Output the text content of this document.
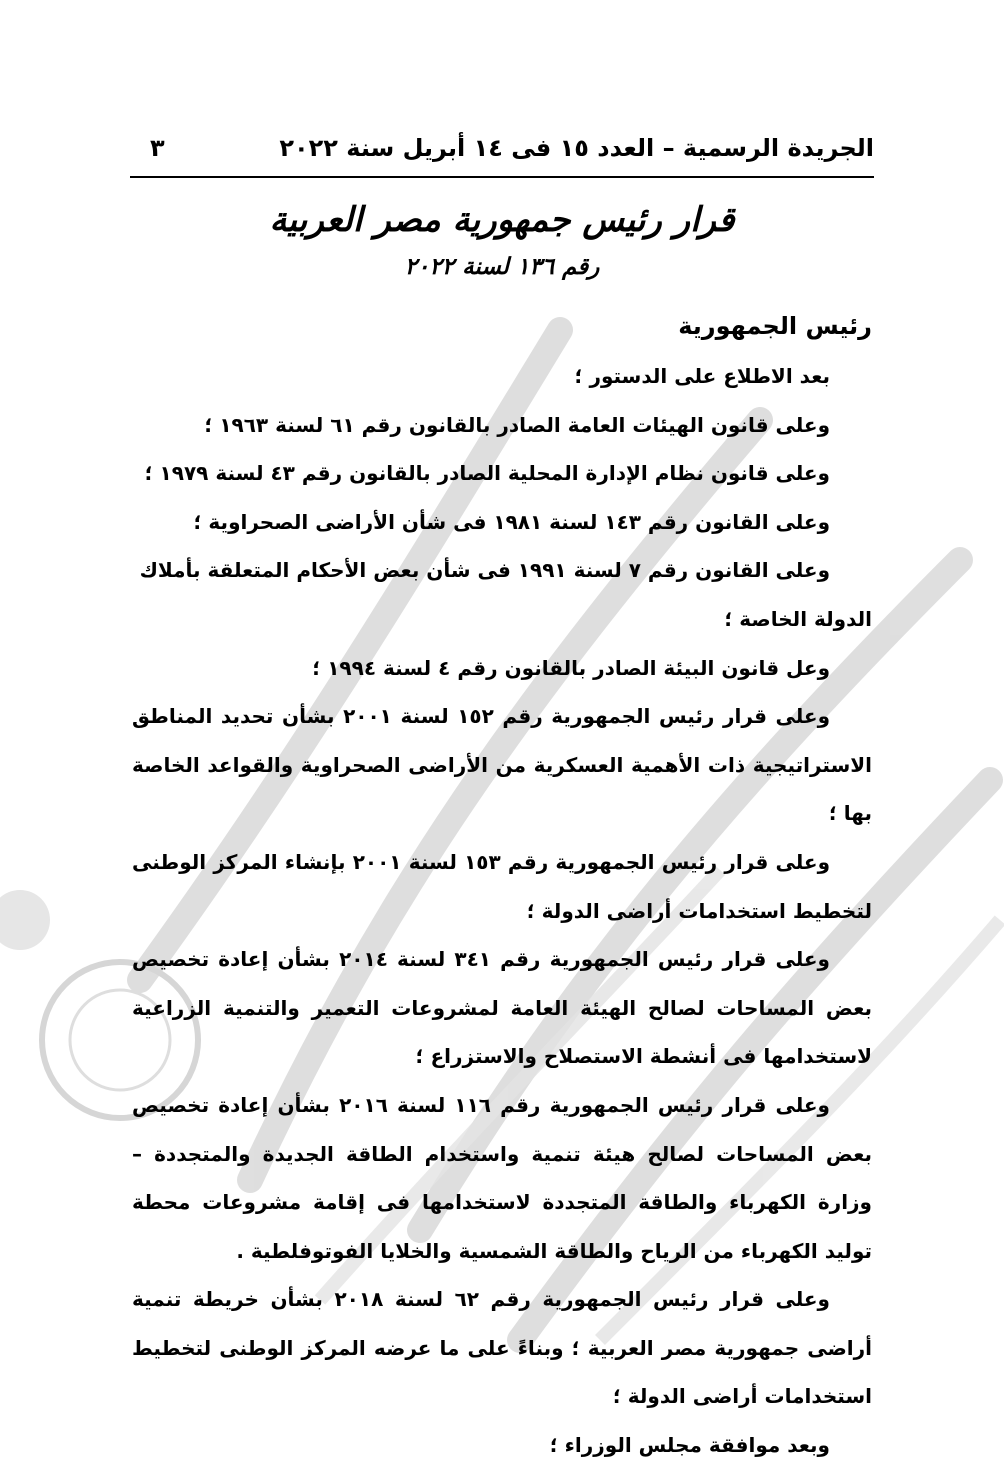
الجريدة الرسمية – العدد ١٥ فى ١٤ أبريل سنة ٢٠٢٢
٣
قرار رئيس جمهورية مصر العربية
رقم ١٣٦ لسنة ٢٠٢٢
رئيس الجمهورية

بعد الاطلاع على الدستور ؛

وعلى قانون الهيئات العامة الصادر بالقانون رقم ٦١ لسنة ١٩٦٣ ؛

وعلى قانون نظام الإدارة المحلية الصادر بالقانون رقم ٤٣ لسنة ١٩٧٩ ؛

وعلى القانون رقم ١٤٣ لسنة ١٩٨١ فى شأن الأراضى الصحراوية ؛

وعلى القانون رقم ٧ لسنة ١٩٩١ فى شأن بعض الأحكام المتعلقة بأملاك الدولة الخاصة ؛

وعل قانون البيئة الصادر بالقانون رقم ٤ لسنة ١٩٩٤ ؛

وعلى قرار رئيس الجمهورية رقم ١٥٢ لسنة ٢٠٠١ بشأن تحديد المناطق الاستراتيجية ذات الأهمية العسكرية من الأراضى الصحراوية والقواعد الخاصة بها ؛

وعلى قرار رئيس الجمهورية رقم ١٥٣ لسنة ٢٠٠١ بإنشاء المركز الوطنى لتخطيط استخدامات أراضى الدولة ؛

وعلى قرار رئيس الجمهورية رقم ٣٤١ لسنة ٢٠١٤ بشأن إعادة تخصيص بعض المساحات لصالح الهيئة العامة لمشروعات التعمير والتنمية الزراعية لاستخدامها فى أنشطة الاستصلاح والاستزراع ؛

وعلى قرار رئيس الجمهورية رقم ١١٦ لسنة ٢٠١٦ بشأن إعادة تخصيص بعض المساحات لصالح هيئة تنمية واستخدام الطاقة الجديدة والمتجددة – وزارة الكهرباء والطاقة المتجددة لاستخدامها فى إقامة مشروعات محطة توليد الكهرباء من الرياح والطاقة الشمسية والخلايا الفوتوفلطية .

وعلى قرار رئيس الجمهورية رقم ٦٢ لسنة ٢٠١٨ بشأن خريطة تنمية أراضى جمهورية مصر العربية ؛ وبناءً على ما عرضه المركز الوطنى لتخطيط استخدامات أراضى الدولة ؛

وبعد موافقة مجلس الوزراء ؛
